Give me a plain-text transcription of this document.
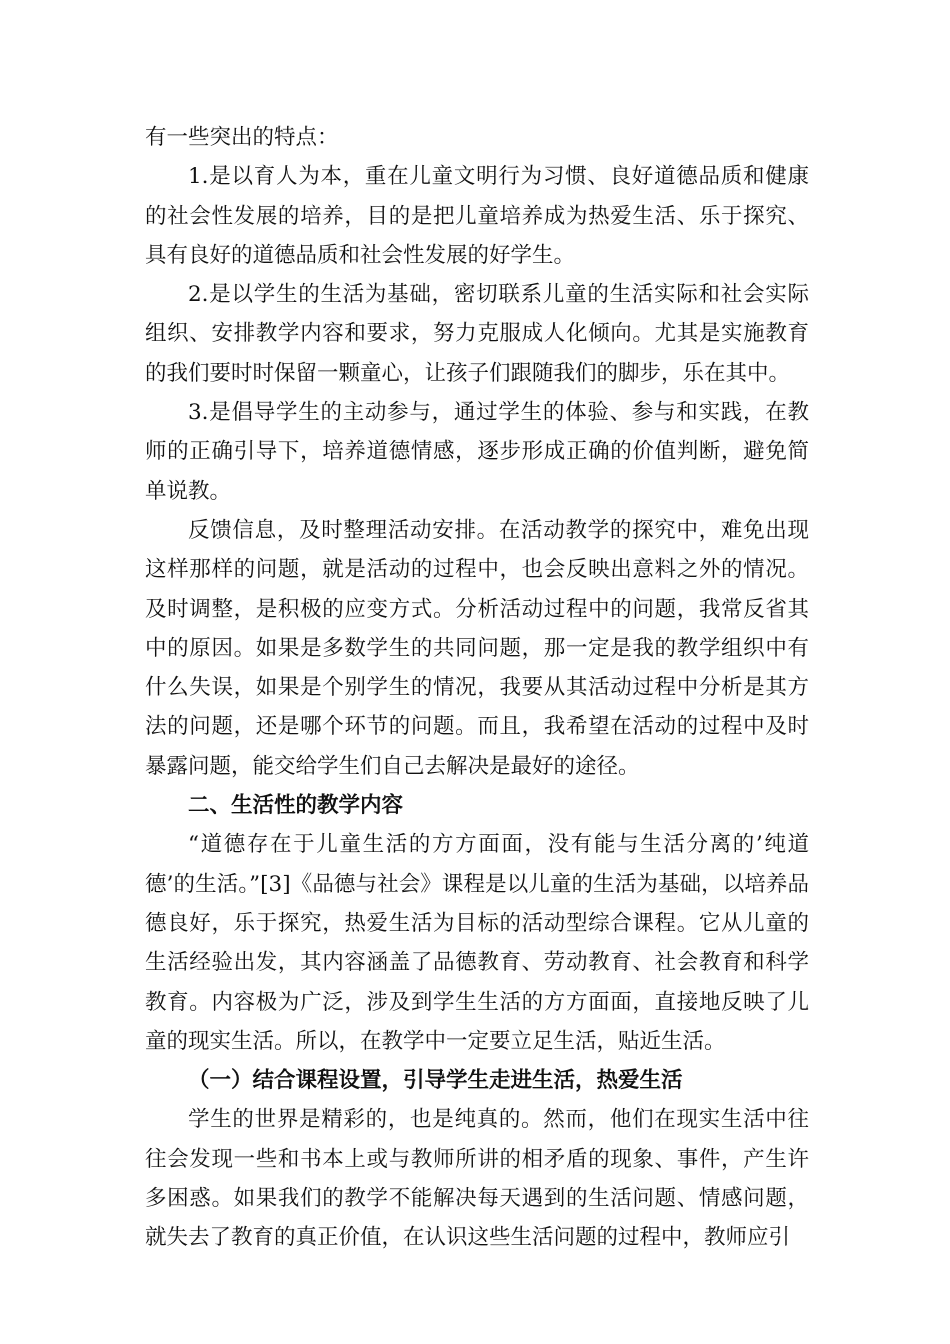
有一些突出的特点：

1.是以育人为本，重在儿童文明行为习惯、良好道德品质和健康的社会性发展的培养，目的是把儿童培养成为热爱生活、乐于探究、具有良好的道德品质和社会性发展的好学生。

2.是以学生的生活为基础，密切联系儿童的生活实际和社会实际组织、安排教学内容和要求，努力克服成人化倾向。尤其是实施教育的我们要时时保留一颗童心，让孩子们跟随我们的脚步，乐在其中。

3.是倡导学生的主动参与，通过学生的体验、参与和实践，在教师的正确引导下，培养道德情感，逐步形成正确的价值判断，避免简单说教。

反馈信息，及时整理活动安排。在活动教学的探究中，难免出现这样那样的问题，就是活动的过程中，也会反映出意料之外的情况。及时调整，是积极的应变方式。分析活动过程中的问题，我常反省其中的原因。如果是多数学生的共同问题，那一定是我的教学组织中有什么失误，如果是个别学生的情况，我要从其活动过程中分析是其方法的问题，还是哪个环节的问题。而且，我希望在活动的过程中及时暴露问题，能交给学生们自己去解决是最好的途径。

二、生活性的教学内容

“道德存在于儿童生活的方方面面，没有能与生活分离的’纯道德’的生活。”[3]《品德与社会》课程是以儿童的生活为基础，以培养品德良好，乐于探究，热爱生活为目标的活动型综合课程。它从儿童的生活经验出发，其内容涵盖了品德教育、劳动教育、社会教育和科学教育。内容极为广泛，涉及到学生生活的方方面面，直接地反映了儿童的现实生活。所以，在教学中一定要立足生活，贴近生活。

（一）结合课程设置，引导学生走进生活，热爱生活

学生的世界是精彩的，也是纯真的。然而，他们在现实生活中往往会发现一些和书本上或与教师所讲的相矛盾的现象、事件，产生许多困惑。如果我们的教学不能解决每天遇到的生活问题、情感问题，就失去了教育的真正价值，在认识这些生活问题的过程中，教师应引
